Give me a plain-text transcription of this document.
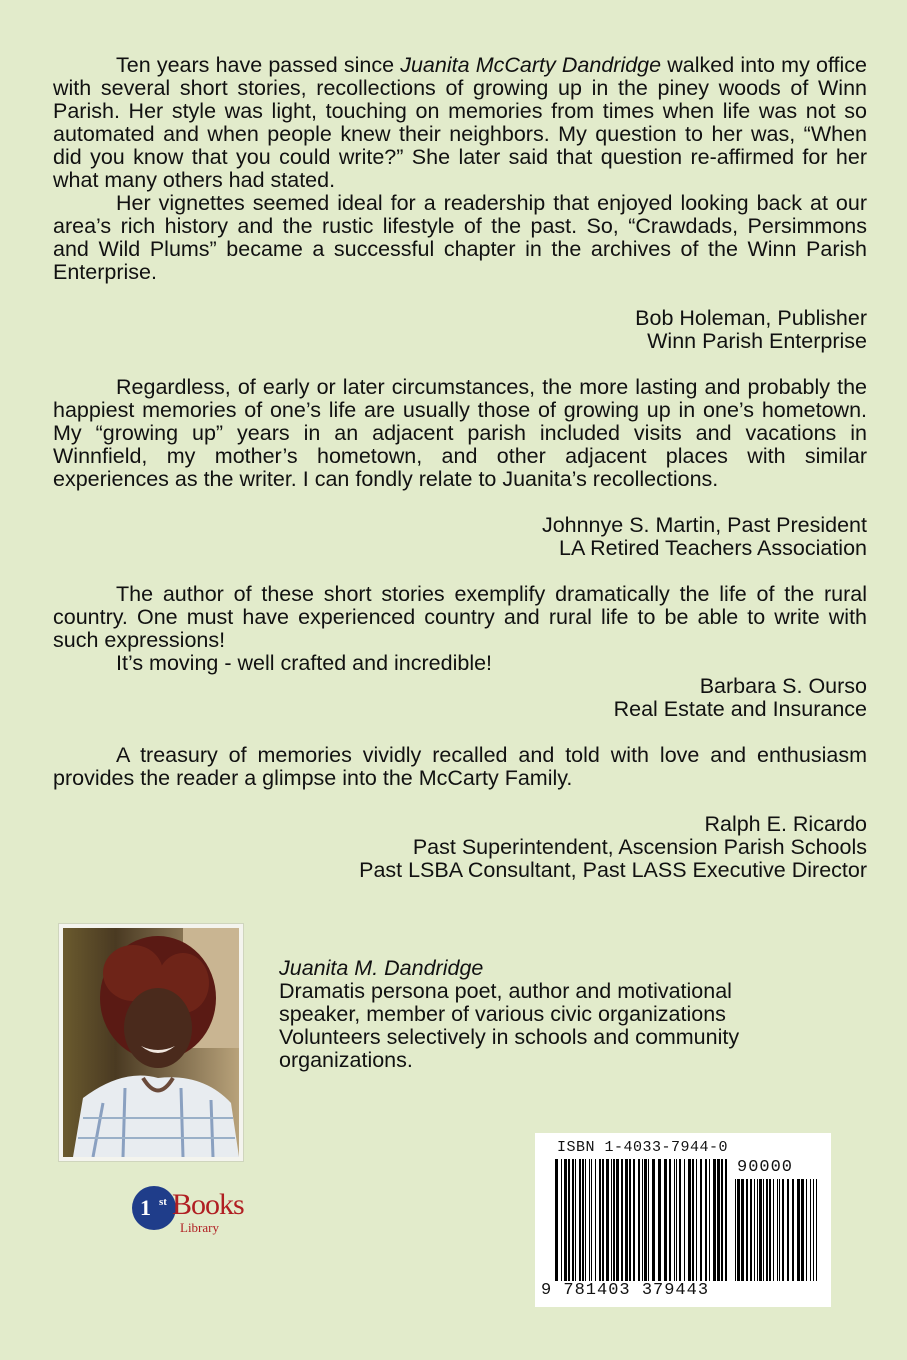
Ten years have passed since Juanita McCarty Dandridge walked into my office with several short stories, recollections of growing up in the piney woods of Winn Parish. Her style was light, touching on memories from times when life was not so automated and when people knew their neighbors. My question to her was, “When did you know that you could write?” She later said that question re-affirmed for her what many others had stated.

Her vignettes seemed ideal for a readership that enjoyed looking back at our area’s rich history and the rustic lifestyle of the past. So, “Crawdads, Persimmons and Wild Plums” became a successful chapter in the archives of the Winn Parish Enterprise.

Bob Holeman, Publisher
Winn Parish Enterprise

Regardless, of early or later circumstances, the more lasting and probably the happiest memories of one’s life are usually those of growing up in one’s hometown. My “growing up” years in an adjacent parish included visits and vacations in Winnfield, my mother’s hometown, and other adjacent places with similar experiences as the writer. I can fondly relate to Juanita’s recollections.

Johnnye S. Martin, Past President
LA Retired Teachers Association

The author of these short stories exemplify dramatically the life of the rural country. One must have experienced country and rural life to be able to write with such expressions!

It’s moving - well crafted and incredible!

Barbara S. Ourso
Real Estate and Insurance

A treasury of memories vividly recalled and told with love and enthusiasm provides the reader a glimpse into the McCarty Family.

Ralph E. Ricardo
Past Superintendent, Ascension Parish Schools
Past LSBA Consultant, Past LASS Executive Director
Juanita M. Dandridge
Dramatis persona poet, author and motivational
speaker, member of various civic organizations
Volunteers selectively in schools and community
organizations.
1 st Books
Library
ISBN 1-4033-7944-0
90000
9 781403 379443
